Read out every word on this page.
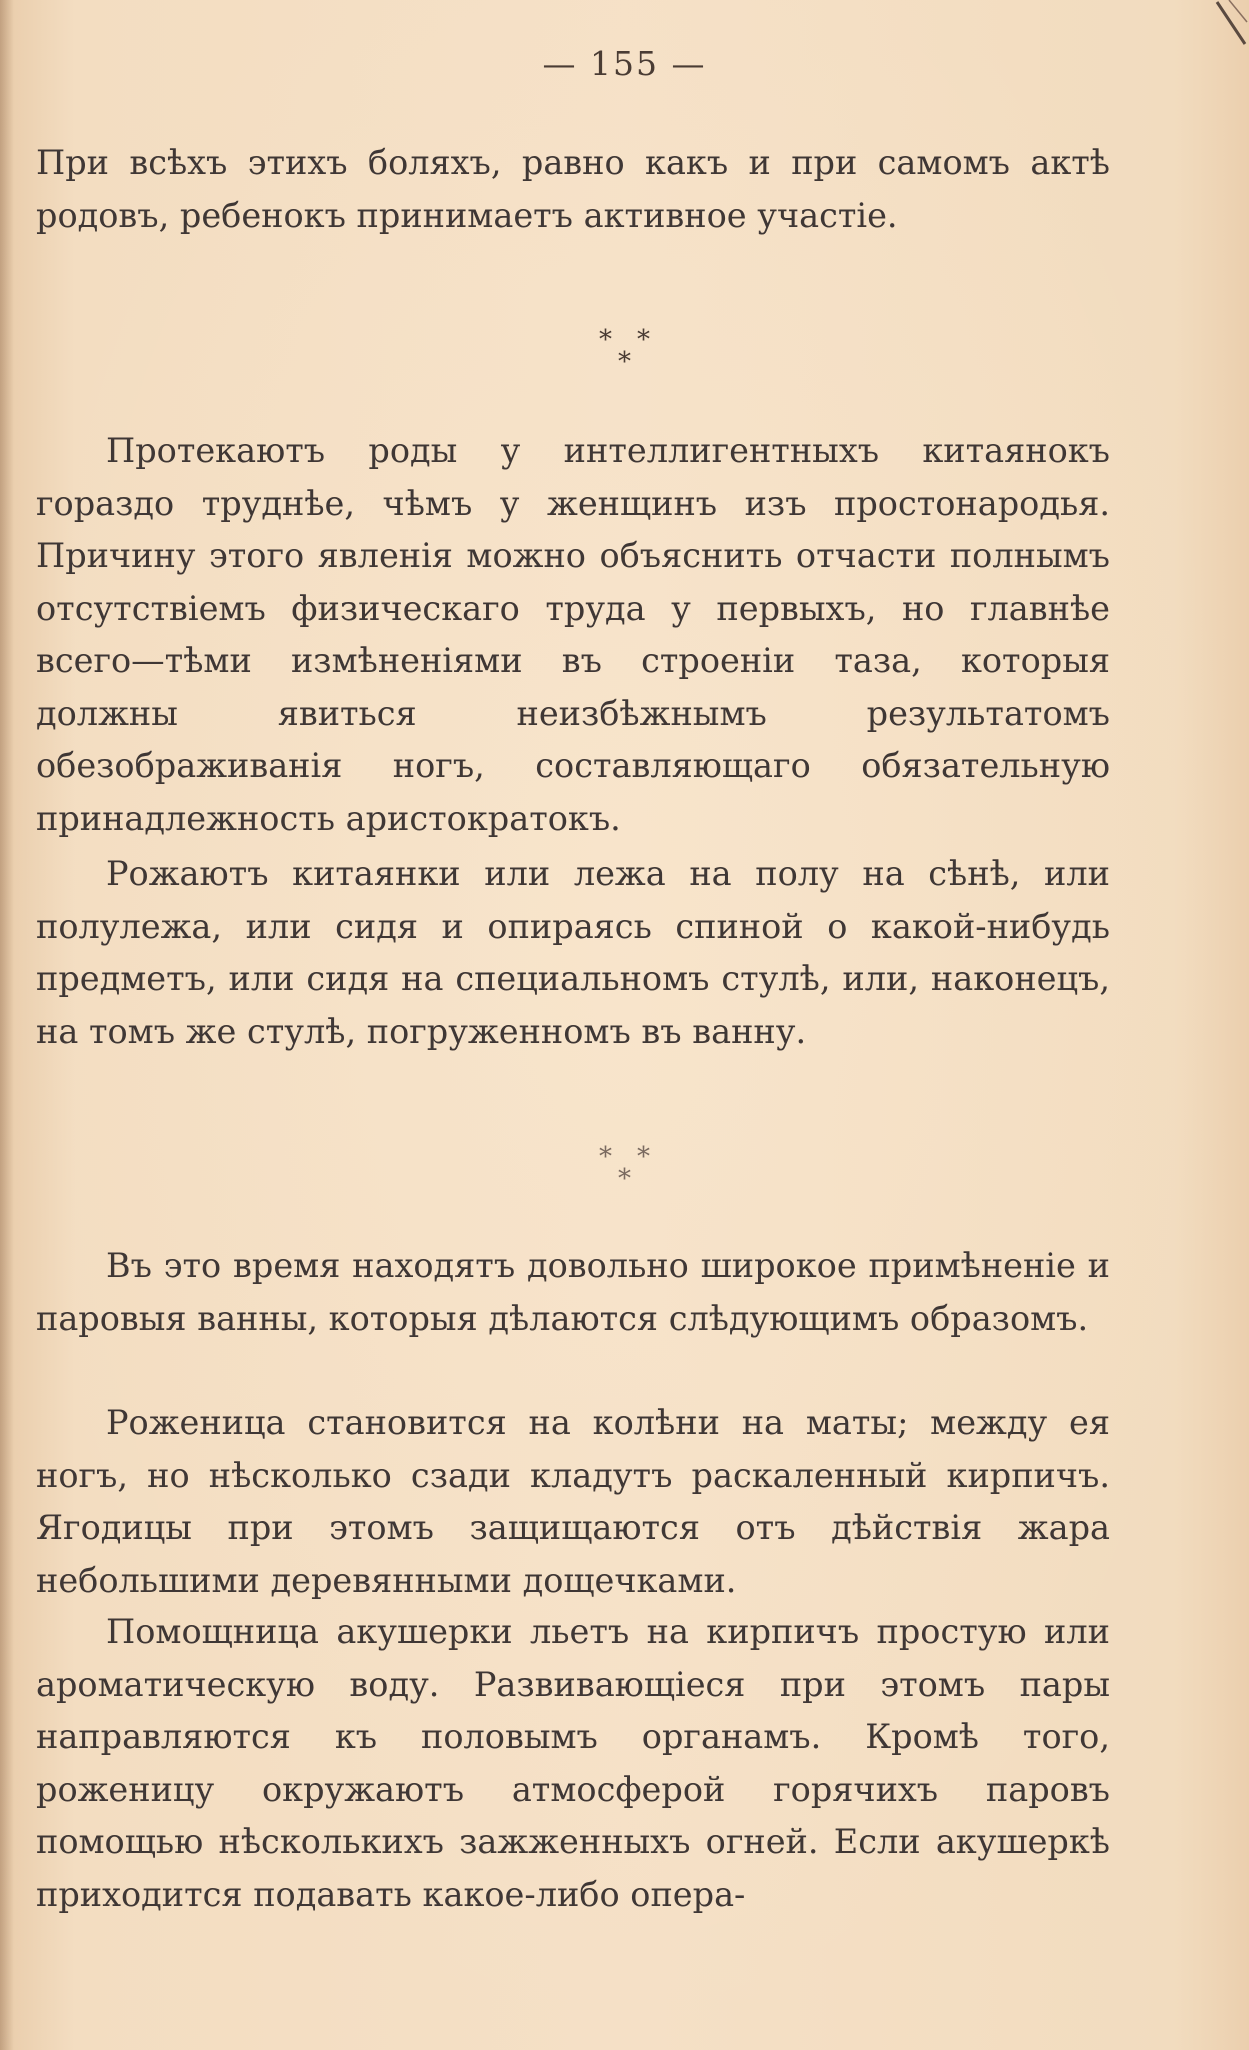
— 155 —

При всѣхъ этихъ боляхъ, равно какъ и при самомъ актѣ родовъ, ребенокъ принимаетъ активное участіе.

* *
*

Протекаютъ роды у интеллигентныхъ китаянокъ гораздо труднѣе, чѣмъ у женщинъ изъ простонародья. Причину этого явленія можно объяснить отчасти полнымъ отсутствіемъ физическаго труда у первыхъ, но главнѣе всего—тѣми измѣненіями въ строеніи таза, которыя должны явиться неизбѣжнымъ результатомъ обезображиванія ногъ, составляющаго обязательную принадлежность аристократокъ.

Рожаютъ китаянки или лежа на полу на сѣнѣ, или полулежа, или сидя и опираясь спиной о какой-нибудь предметъ, или сидя на специальномъ стулѣ, или, наконецъ, на томъ же стулѣ, погруженномъ въ ванну.

* *
*

Въ это время находятъ довольно широкое примѣненіе и паровыя ванны, которыя дѣлаются слѣдующимъ образомъ.

Роженица становится на колѣни на маты; между ея ногъ, но нѣсколько сзади кладутъ раскаленный кирпичъ. Ягодицы при этомъ защищаются отъ дѣйствія жара небольшими деревянными дощечками.

Помощница акушерки льетъ на кирпичъ простую или ароматическую воду. Развивающіеся при этомъ пары направляются къ половымъ органамъ. Кромѣ того, роженицу окружаютъ атмосферой горячихъ паровъ помощью нѣсколькихъ зажженныхъ огней. Если акушеркѣ приходится подавать какое-либо опера-
